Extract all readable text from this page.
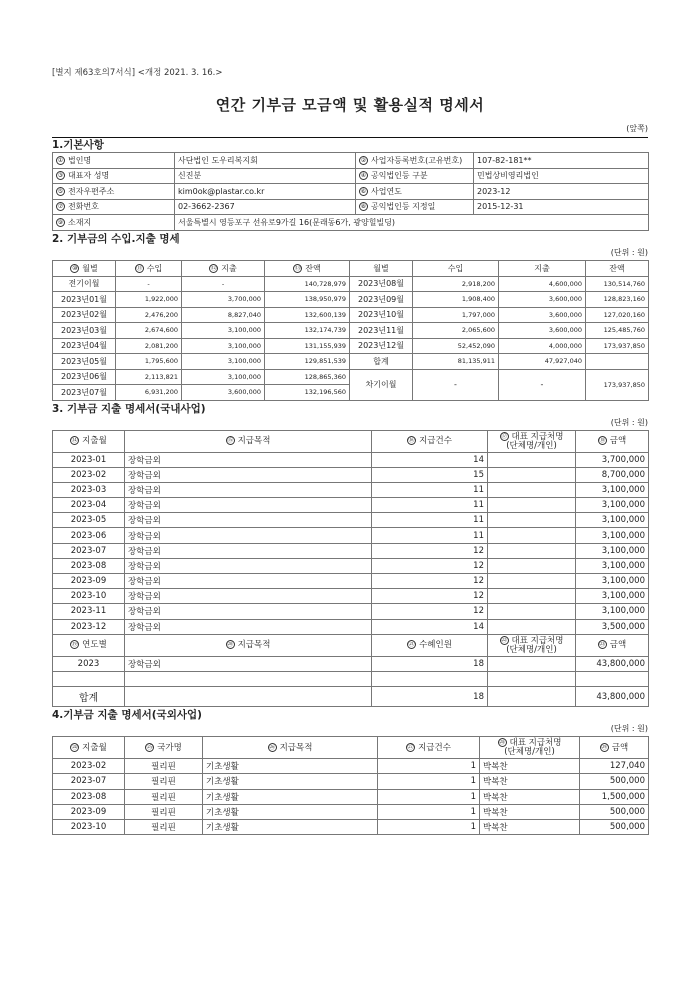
[별지 제63호의7서식] <개정 2021. 3. 16.>
연간 기부금 모금액 및 활용실적 명세서
(앞쪽)
1.기본사항
① 법인명	사단법인 도우리복지회	② 사업자등록번호(고유번호)	107-82-181**
③ 대표자 성명	신진분	④ 공익법인등 구분	민법상비영리법인
⑤ 전자우편주소	kim0ok@plastar.co.kr	⑥ 사업연도	2023-12
⑦ 전화번호	02-3662-2367	⑧ 공익법인등 지정일	2015-12-31
⑨ 소재지	서울특별시 영등포구 선유로9가길 16(문래동6가, 광양힐빌딩)		
2. 기부금의 수입.지출 명세
(단위 : 원)
⑩ 월별	⑪ 수입	⑫ 지출	⑬ 잔액	월별	수입	지출	잔액
전기이월	-	-	140,728,979	2023년08월	2,918,200	4,600,000	130,514,760
2023년01월	1,922,000	3,700,000	138,950,979	2023년09월	1,908,400	3,600,000	128,823,160
2023년02월	2,476,200	8,827,040	132,600,139	2023년10월	1,797,000	3,600,000	127,020,160
2023년03월	2,674,600	3,100,000	132,174,739	2023년11월	2,065,600	3,600,000	125,485,760
2023년04월	2,081,200	3,100,000	131,155,939	2023년12월	52,452,090	4,000,000	173,937,850
2023년05월	1,795,600	3,100,000	129,851,539	합계	81,135,911	47,927,040	
2023년06월	2,113,821	3,100,000	128,865,360	차기이월	-	-	173,937,850
2023년07월	6,931,200	3,600,000	132,196,560				
3. 기부금 지출 명세서(국내사업)
(단위 : 원)
⑭ 지출월	⑮ 지급목적	⑯ 지급건수	⑰ 대표 지급처명
(단체명/개인)	⑱ 금액
2023-01	장학금외	14		3,700,000
2023-02	장학금외	15		8,700,000
2023-03	장학금외	11		3,100,000
2023-04	장학금외	11		3,100,000
2023-05	장학금외	11		3,100,000
2023-06	장학금외	11		3,100,000
2023-07	장학금외	12		3,100,000
2023-08	장학금외	12		3,100,000
2023-09	장학금외	12		3,100,000
2023-10	장학금외	12		3,100,000
2023-11	장학금외	12		3,100,000
2023-12	장학금외	14		3,500,000
⑲ 연도별	⑳ 지급목적	㉑ 수혜인원	㉒ 대표 지급처명
(단체명/개인)	㉓ 금액
2023	장학금외	18		43,800,000

합계		18		43,800,000
4.기부금 지출 명세서(국외사업)
(단위 : 원)
㉔ 지출월	㉕ 국가명	㉖ 지급목적	㉗ 지급건수	㉘ 대표 지급처명
(단체명/개인)	㉙ 금액
2023-02	필리핀	기초생활	1	박복찬	127,040
2023-07	필리핀	기초생활	1	박복찬	500,000
2023-08	필리핀	기초생활	1	박복찬	1,500,000
2023-09	필리핀	기초생활	1	박복찬	500,000
2023-10	필리핀	기초생활	1	박복찬	500,000
